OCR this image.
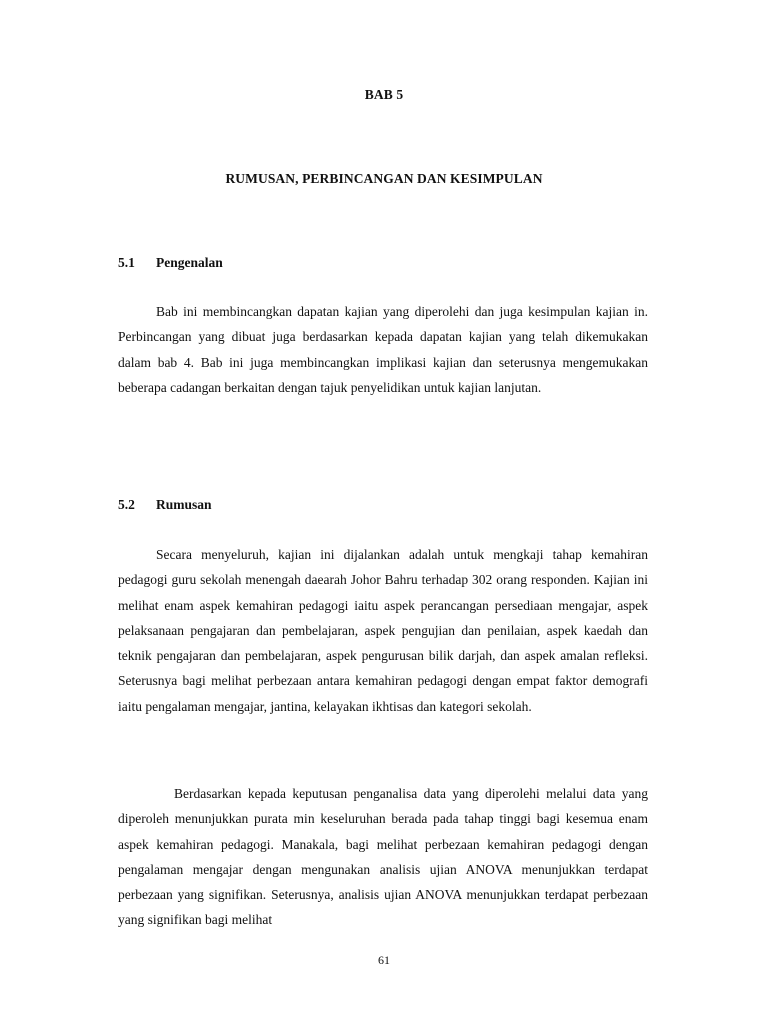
BAB 5
RUMUSAN, PERBINCANGAN DAN KESIMPULAN
5.1 Pengenalan

Bab ini membincangkan dapatan kajian yang diperolehi dan juga kesimpulan kajian in. Perbincangan yang dibuat juga berdasarkan kepada dapatan kajian yang telah dikemukakan dalam bab 4. Bab ini juga membincangkan implikasi kajian dan seterusnya mengemukakan beberapa cadangan berkaitan dengan tajuk penyelidikan untuk kajian lanjutan.

5.2 Rumusan

Secara menyeluruh, kajian ini dijalankan adalah untuk mengkaji tahap kemahiran pedagogi guru sekolah menengah daearah Johor Bahru terhadap 302 orang responden. Kajian ini melihat enam aspek kemahiran pedagogi iaitu aspek perancangan persediaan mengajar, aspek pelaksanaan pengajaran dan pembelajaran, aspek pengujian dan penilaian, aspek kaedah dan teknik pengajaran dan pembelajaran, aspek pengurusan bilik darjah, dan aspek amalan refleksi. Seterusnya bagi melihat perbezaan antara kemahiran pedagogi dengan empat faktor demografi iaitu pengalaman mengajar, jantina, kelayakan ikhtisas dan kategori sekolah.

Berdasarkan kepada keputusan penganalisa data yang diperolehi melalui data yang diperoleh menunjukkan purata min keseluruhan berada pada tahap tinggi bagi kesemua enam aspek kemahiran pedagogi. Manakala, bagi melihat perbezaan kemahiran pedagogi dengan pengalaman mengajar dengan mengunakan analisis ujian ANOVA menunjukkan terdapat perbezaan yang signifikan. Seterusnya, analisis ujian ANOVA menunjukkan terdapat perbezaan yang signifikan bagi melihat

61
